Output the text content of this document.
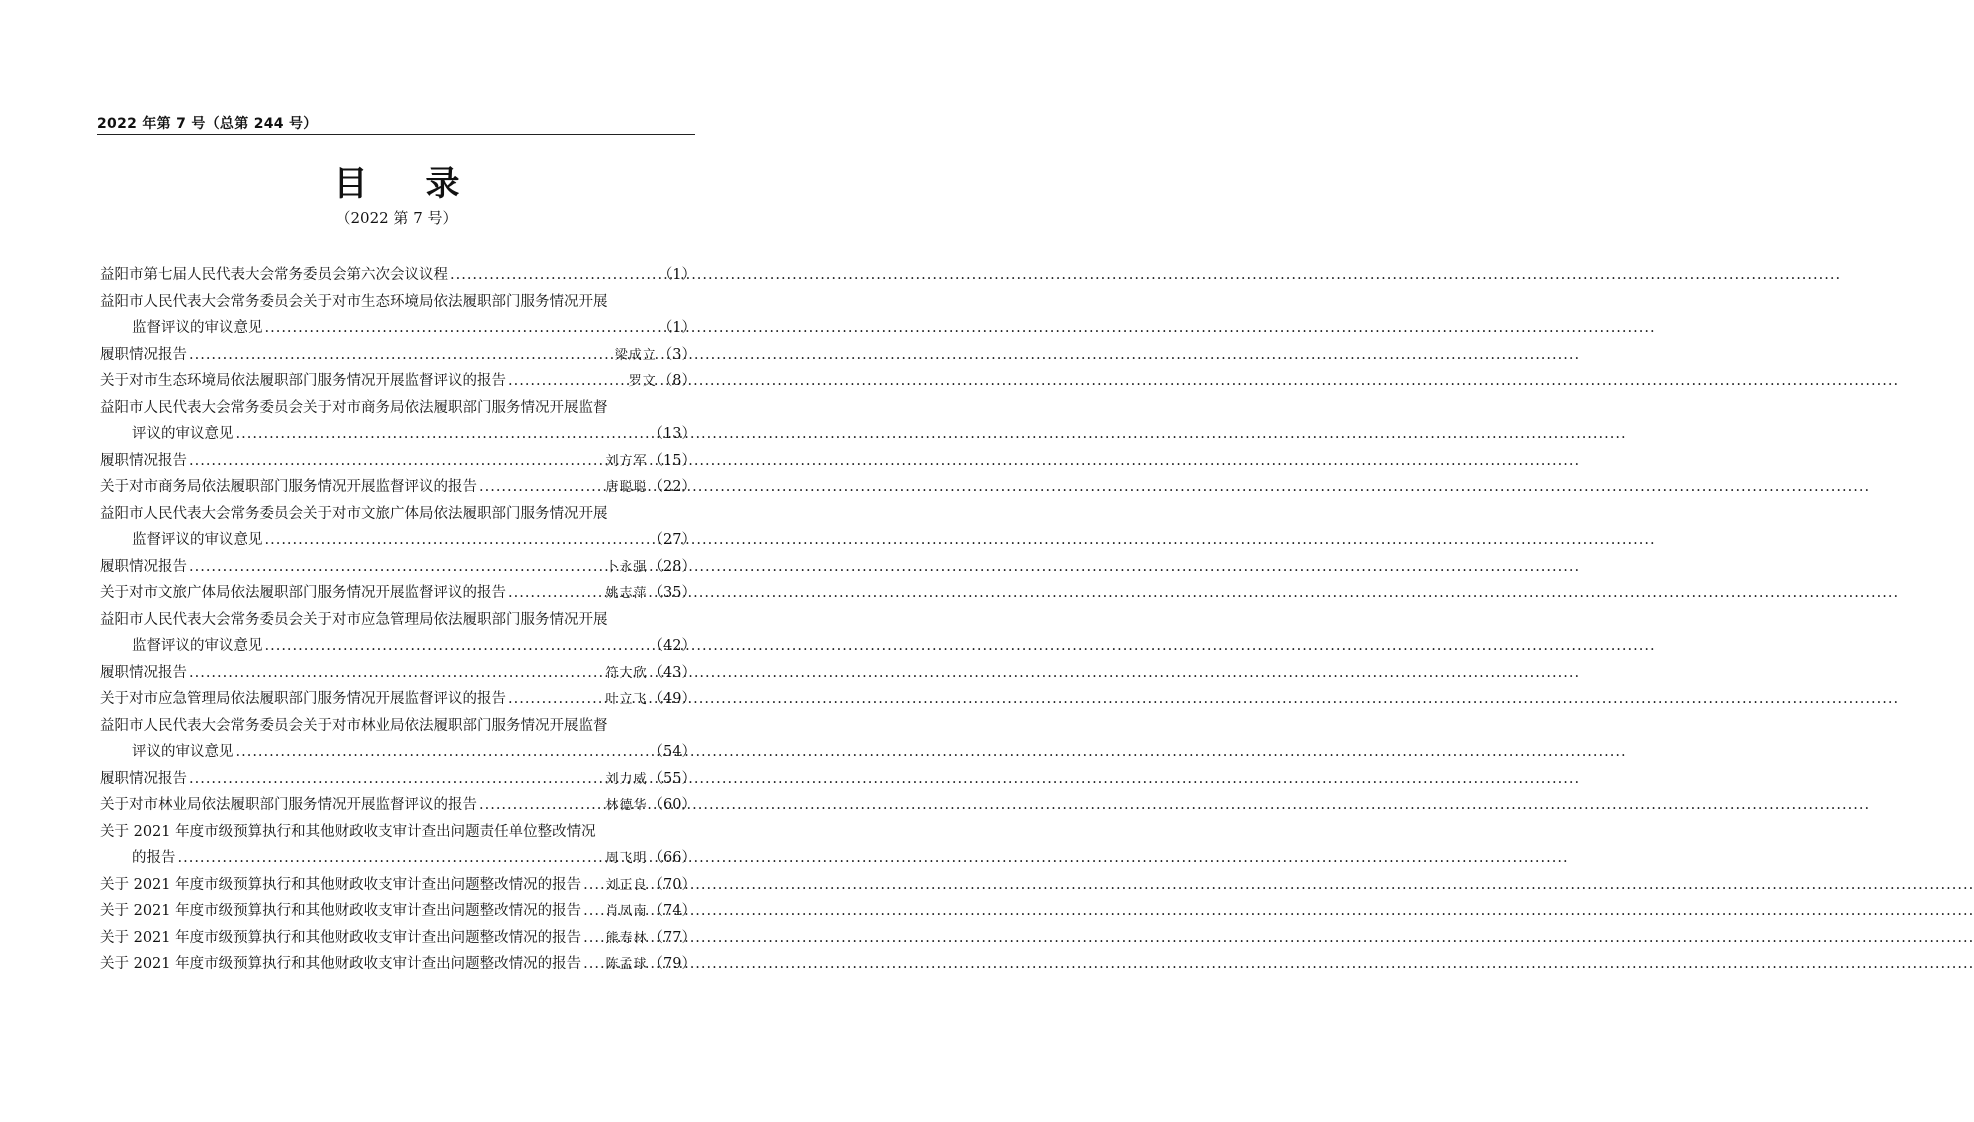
2022 年第 7 号（总第 244 号）

目 录
（2022 第 7 号）
益阳市第七届人民代表大会常务委员会第六次会议议程 .....	（1）
益阳市人民代表大会常务委员会关于对市生态环境局依法履职部门服务情况开展
监督评议的审议意见 .....	（1）
履职情况报告 .....	梁成立 （3）
关于对市生态环境局依法履职部门服务情况开展监督评议的报告 .....	罗文 （8）
益阳市人民代表大会常务委员会关于对市商务局依法履职部门服务情况开展监督
评议的审议意见 .....	（13）
履职情况报告 .....	刘方军 （15）
关于对市商务局依法履职部门服务情况开展监督评议的报告 .....	唐聪聪 （22）
益阳市人民代表大会常务委员会关于对市文旅广体局依法履职部门服务情况开展
监督评议的审议意见 .....	（27）
履职情况报告 .....	卜永强 （28）
关于对市文旅广体局依法履职部门服务情况开展监督评议的报告 .....	姚志萍 （35）
益阳市人民代表大会常务委员会关于对市应急管理局依法履职部门服务情况开展
监督评议的审议意见 .....	（42）
履职情况报告 .....	符大欣 （43）
关于对市应急管理局依法履职部门服务情况开展监督评议的报告 .....	叶立飞 （49）
益阳市人民代表大会常务委员会关于对市林业局依法履职部门服务情况开展监督
评议的审议意见 .....	（54）
履职情况报告 .....	刘力威 （55）
关于对市林业局依法履职部门服务情况开展监督评议的报告 .....	林德华 （60）
关于 2021 年度市级预算执行和其他财政收支审计查出问题责任单位整改情况
的报告 .....	周飞明 （66）
关于 2021 年度市级预算执行和其他财政收支审计查出问题整改情况的报告 ..... 刘正良 （70）
关于 2021 年度市级预算执行和其他财政收支审计查出问题整改情况的报告 ..... 肖凤南 （74）
关于 2021 年度市级预算执行和其他财政收支审计查出问题整改情况的报告 ..... 熊寿林 （77）
关于 2021 年度市级预算执行和其他财政收支审计查出问题整改情况的报告 ..... 陈孟球 （79）
